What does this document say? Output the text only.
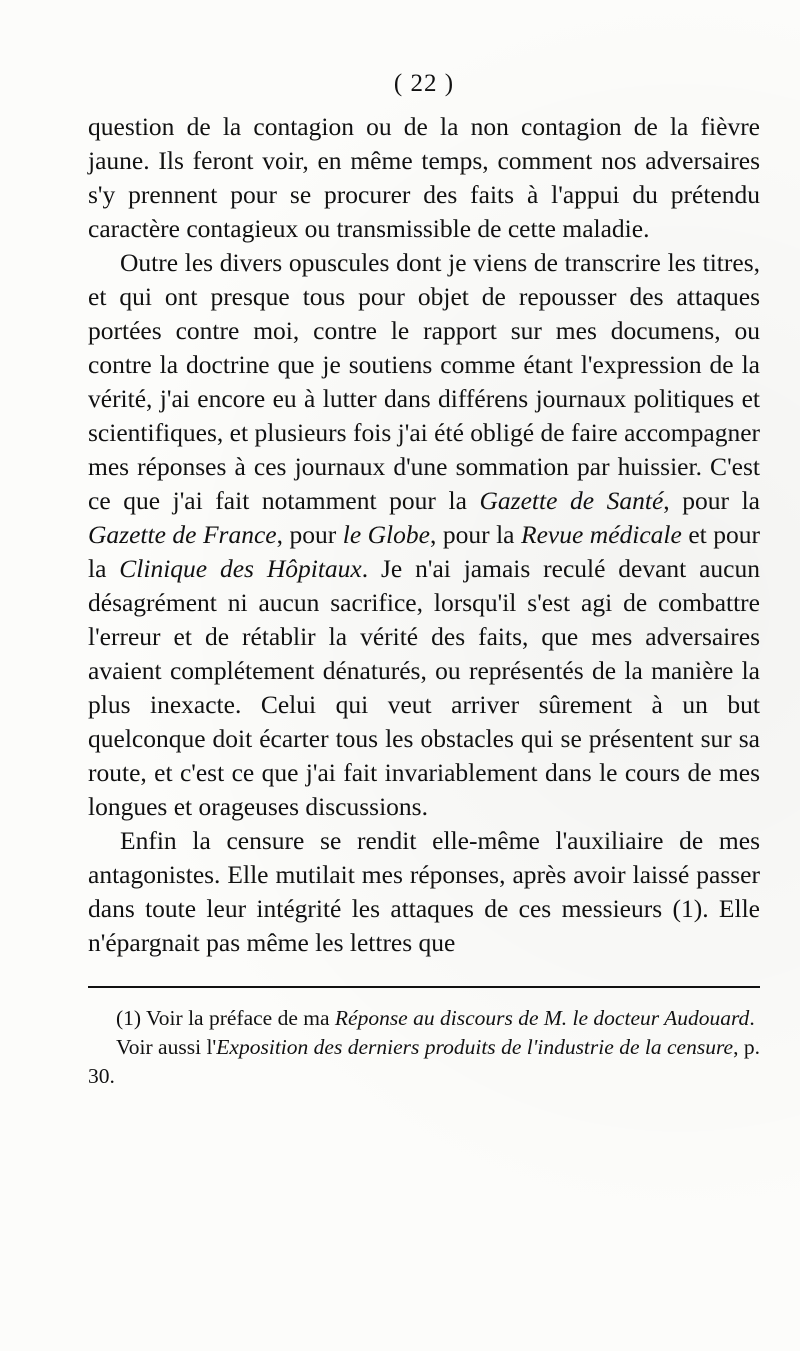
( 22 )

question de la contagion ou de la non contagion de la fièvre jaune. Ils feront voir, en même temps, comment nos adversaires s'y prennent pour se procurer des faits à l'appui du prétendu caractère contagieux ou transmissible de cette maladie.

Outre les divers opuscules dont je viens de transcrire les titres, et qui ont presque tous pour objet de repousser des attaques portées contre moi, contre le rapport sur mes documens, ou contre la doctrine que je soutiens comme étant l'expression de la vérité, j'ai encore eu à lutter dans différens journaux politiques et scientifiques, et plusieurs fois j'ai été obligé de faire accompagner mes réponses à ces journaux d'une sommation par huissier. C'est ce que j'ai fait notamment pour la Gazette de Santé, pour la Gazette de France, pour le Globe, pour la Revue médicale et pour la Clinique des Hôpitaux. Je n'ai jamais reculé devant aucun désagrément ni aucun sacrifice, lorsqu'il s'est agi de combattre l'erreur et de rétablir la vérité des faits, que mes adversaires avaient complétement dénaturés, ou représentés de la manière la plus inexacte. Celui qui veut arriver sûrement à un but quelconque doit écarter tous les obstacles qui se présentent sur sa route, et c'est ce que j'ai fait invariablement dans le cours de mes longues et orageuses discussions.

Enfin la censure se rendit elle-même l'auxiliaire de mes antagonistes. Elle mutilait mes réponses, après avoir laissé passer dans toute leur intégrité les attaques de ces messieurs (1). Elle n'épargnait pas même les lettres que

(1) Voir la préface de ma Réponse au discours de M. le docteur Audouard.

Voir aussi l'Exposition des derniers produits de l'industrie de la censure, p. 30.
